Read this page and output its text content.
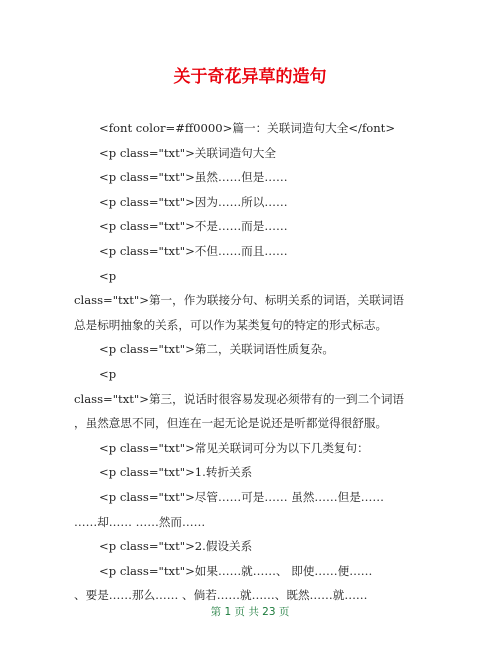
关于奇花异草的造句

<font color=#ff0000>篇一：关联词造句大全</font>

<p class="txt">关联词造句大全

<p class="txt">虽然……但是……

<p class="txt">因为……所以……

<p class="txt">不是……而是……

<p class="txt">不但……而且……

<p

class="txt">第一，作为联接分句、标明关系的词语，关联词语

总是标明抽象的关系，可以作为某类复句的特定的形式标志。

<p class="txt">第二，关联词语性质复杂。

<p

class="txt">第三，说话时很容易发现必须带有的一到二个词语

，虽然意思不同，但连在一起无论是说还是听都觉得很舒服。

<p class="txt">常见关联词可分为以下几类复句：

<p class="txt">1.转折关系

<p class="txt">尽管……可是…… 虽然……但是……

……却…… ……然而……

<p class="txt">2.假设关系

<p class="txt">如果……就……、 即使……便……

、要是……那么…… 、倘若……就……、既然……就……

第 1 页 共 23 页
